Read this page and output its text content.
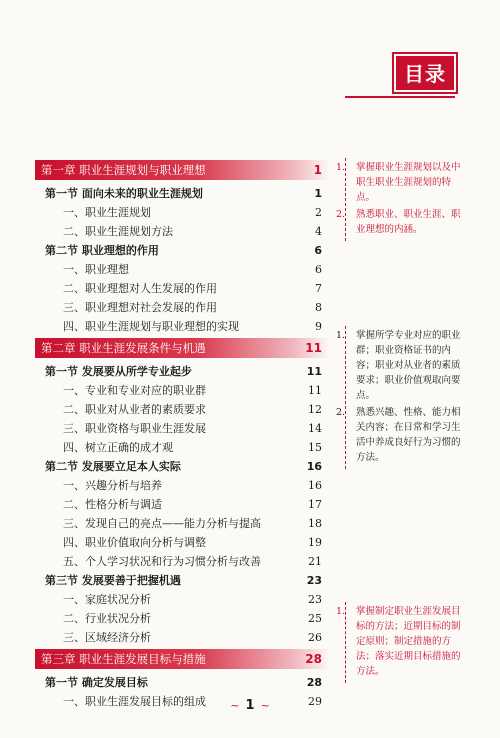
目录
第一章 职业生涯规划与职业理想	1
第一节 面向未来的职业生涯规划	1
一、职业生涯规划	2
二、职业生涯规划方法	4
第二节 职业理想的作用	6
一、职业理想	6
二、职业理想对人生发展的作用	7
三、职业理想对社会发展的作用	8
四、职业生涯规划与职业理想的实现	9
第二章 职业生涯发展条件与机遇	11
第一节 发展要从所学专业起步	11
一、专业和专业对应的职业群	11
二、职业对从业者的素质要求	12
三、职业资格与职业生涯发展	14
四、树立正确的成才观	15
第二节 发展要立足本人实际	16
一、兴趣分析与培养	16
二、性格分析与调适	17
三、发现自己的亮点——能力分析与提高	18
四、职业价值取向分析与调整	19
五、个人学习状况和行为习惯分析与改善	21
第三节 发展要善于把握机遇	23
一、家庭状况分析	23
二、行业状况分析	25
三、区域经济分析	26
第三章 职业生涯发展目标与措施	28
第一节 确定发展目标	28
一、职业生涯发展目标的组成	29
1.	掌握职业生涯规划以及中职生职业生涯规划的特点。
2.	熟悉职业、职业生涯、职业理想的内涵。
1.	掌握所学专业对应的职业群；职业资格证书的内容；职业对从业者的素质要求；职业价值观取向要点。
2.	熟悉兴趣、性格、能力相关内容；在日常和学习生活中养成良好行为习惯的方法。
1.	掌握制定职业生涯发展目标的方法；近期目标的制定原则；制定措施的方法；落实近期目标措施的方法。
~ 1 ~
